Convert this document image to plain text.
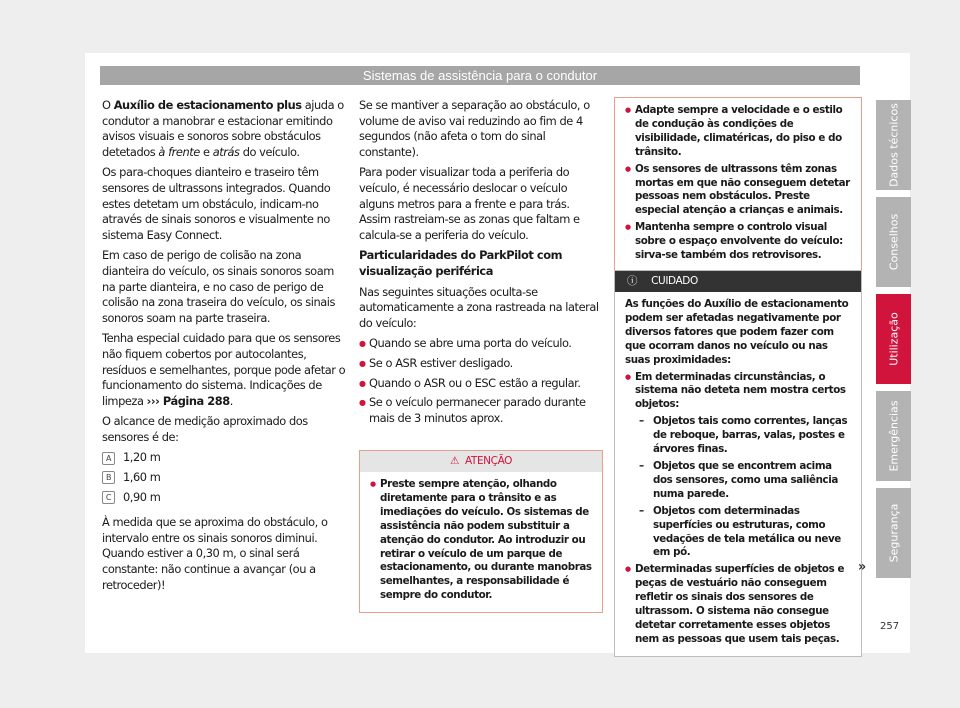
Sistemas de assistência para o condutor

O Auxílio de estacionamento plus ajuda o condutor a manobrar e estacionar emitindo avisos visuais e sonoros sobre obstáculos detetados à frente e atrás do veículo.

Os para-choques dianteiro e traseiro têm sensores de ultrassons integrados. Quando estes detetam um obstáculo, indicam-no através de sinais sonoros e visualmente no sistema Easy Connect.

Em caso de perigo de colisão na zona dianteira do veículo, os sinais sonoros soam na parte dianteira, e no caso de perigo de colisão na zona traseira do veículo, os sinais sonoros soam na parte traseira.

Tenha especial cuidado para que os sensores não fiquem cobertos por autocolantes, resíduos e semelhantes, porque pode afetar o funcionamento do sistema. Indicações de limpeza ››› Página 288.

O alcance de medição aproximado dos sensores é de:

A	1,20 m
B	1,60 m
C	0,90 m

À medida que se aproxima do obstáculo, o intervalo entre os sinais sonoros diminui. Quando estiver a 0,30 m, o sinal será constante: não continue a avançar (ou a retroceder)!

Se se mantiver a separação ao obstáculo, o volume de aviso vai reduzindo ao fim de 4 segundos (não afeta o tom do sinal constante).

Para poder visualizar toda a periferia do veículo, é necessário deslocar o veículo alguns metros para a frente e para trás. Assim rastreiam-se as zonas que faltam e calcula-se a periferia do veículo.

Particularidades do ParkPilot com visualização periférica

Nas seguintes situações oculta-se automaticamente a zona rastreada na lateral do veículo:

● Quando se abre uma porta do veículo.
● Se o ASR estiver desligado.
● Quando o ASR ou o ESC estão a regular.
● Se o veículo permanecer parado durante mais de 3 minutos aprox.
⚠ ATENÇÃO
● Preste sempre atenção, olhando diretamente para o trânsito e as imediações do veículo. Os sistemas de assistência não podem substituir a atenção do condutor. Ao introduzir ou retirar o veículo de um parque de estacionamento, ou durante manobras semelhantes, a responsabilidade é sempre do condutor.
● Adapte sempre a velocidade e o estilo de condução às condições de visibilidade, climatéricas, do piso e do trânsito.
● Os sensores de ultrassons têm zonas mortas em que não conseguem detetar pessoas nem obstáculos. Preste especial atenção a crianças e animais.
● Mantenha sempre o controlo visual sobre o espaço envolvente do veículo: sirva-se também dos retrovisores.
ⓘ CUIDADO

As funções do Auxílio de estacionamento podem ser afetadas negativamente por diversos fatores que podem fazer com que ocorram danos no veículo ou nas suas proximidades:

● Em determinadas circunstâncias, o sistema não deteta nem mostra certos objetos:
– Objetos tais como correntes, lanças de reboque, barras, valas, postes e árvores finas.
– Objetos que se encontrem acima dos sensores, como uma saliência numa parede.
– Objetos com determinadas superfícies ou estruturas, como vedações de tela metálica ou neve em pó.
● Determinadas superfícies de objetos e peças de vestuário não conseguem refletir os sinais dos sensores de ultrassom. O sistema não consegue detetar corretamente esses objetos nem as pessoas que usem tais peças.
»
Dados técnicos
Conselhos
Utilização
Emergências
Segurança
257
